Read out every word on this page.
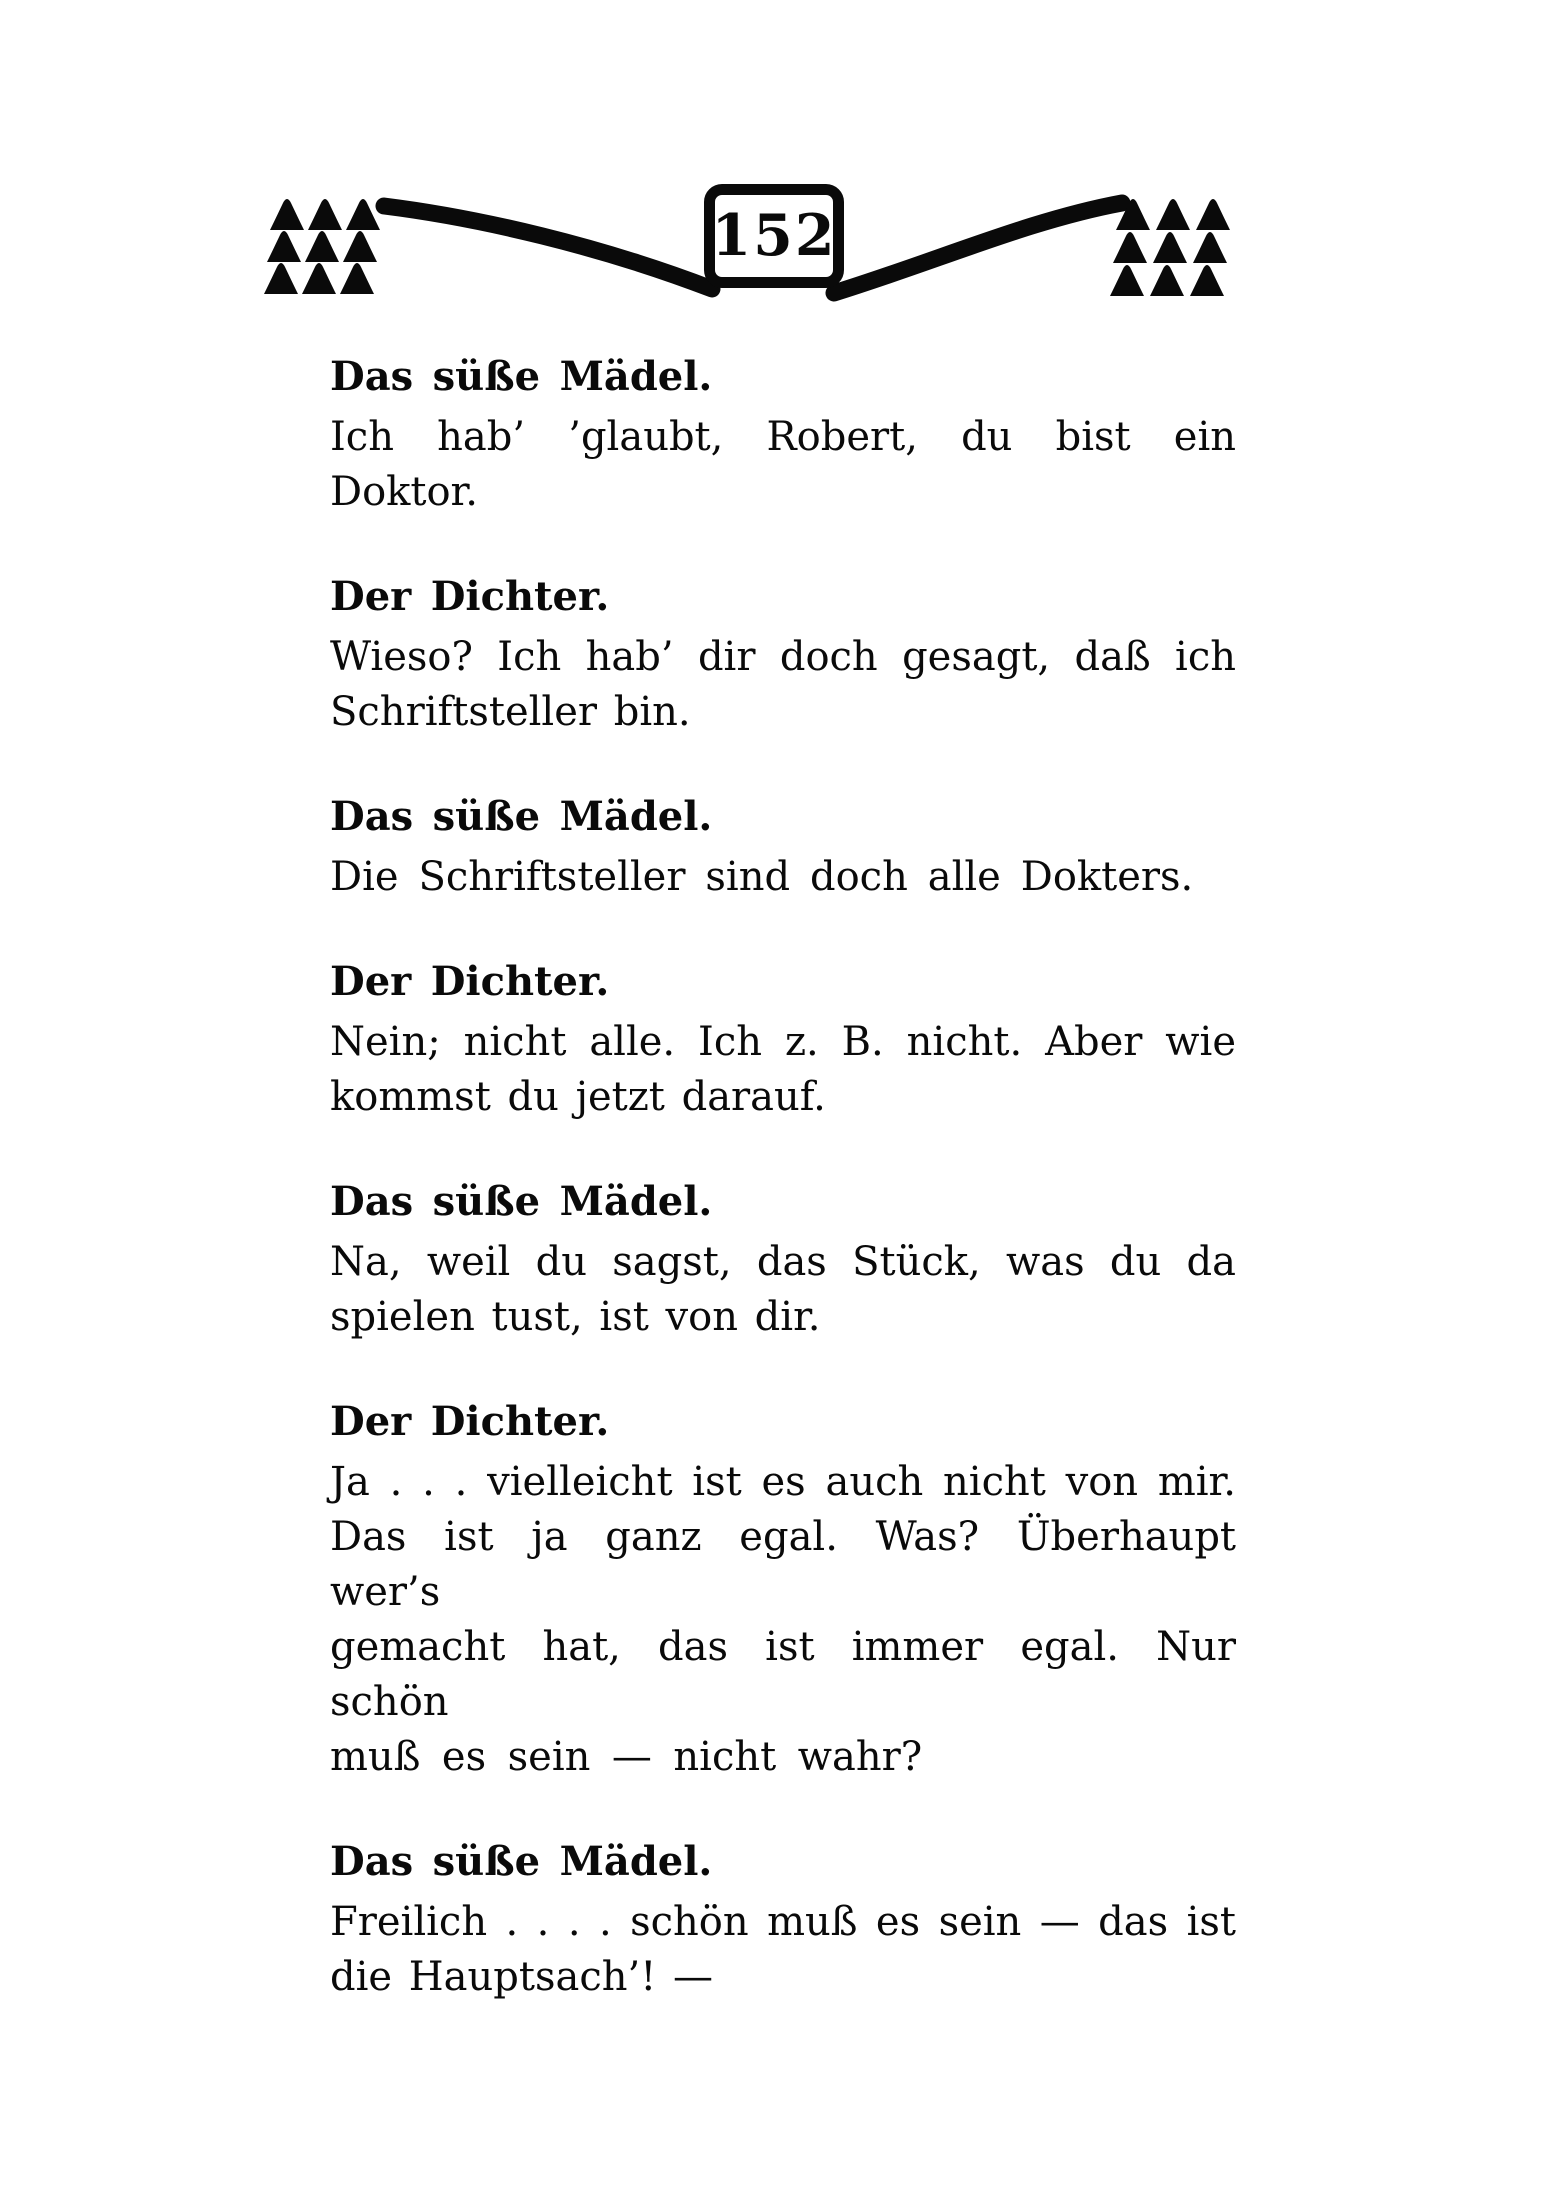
152
Das süße Mädel.

Ich hab’ ’glaubt, Robert, du bist ein Doktor.

Der Dichter.

Wieso? Ich hab’ dir doch gesagt, daß ich

Schriftsteller bin.

Das süße Mädel.

Die Schriftsteller sind doch alle Dokters.

Der Dichter.

Nein; nicht alle. Ich z. B. nicht. Aber wie

kommst du jetzt darauf.

Das süße Mädel.

Na, weil du sagst, das Stück, was du da

spielen tust, ist von dir.

Der Dichter.

Ja . . . vielleicht ist es auch nicht von mir.

Das ist ja ganz egal. Was? Überhaupt wer’s

gemacht hat, das ist immer egal. Nur schön

muß es sein — nicht wahr?

Das süße Mädel.

Freilich . . . . schön muß es sein — das ist

die Hauptsach’! —
